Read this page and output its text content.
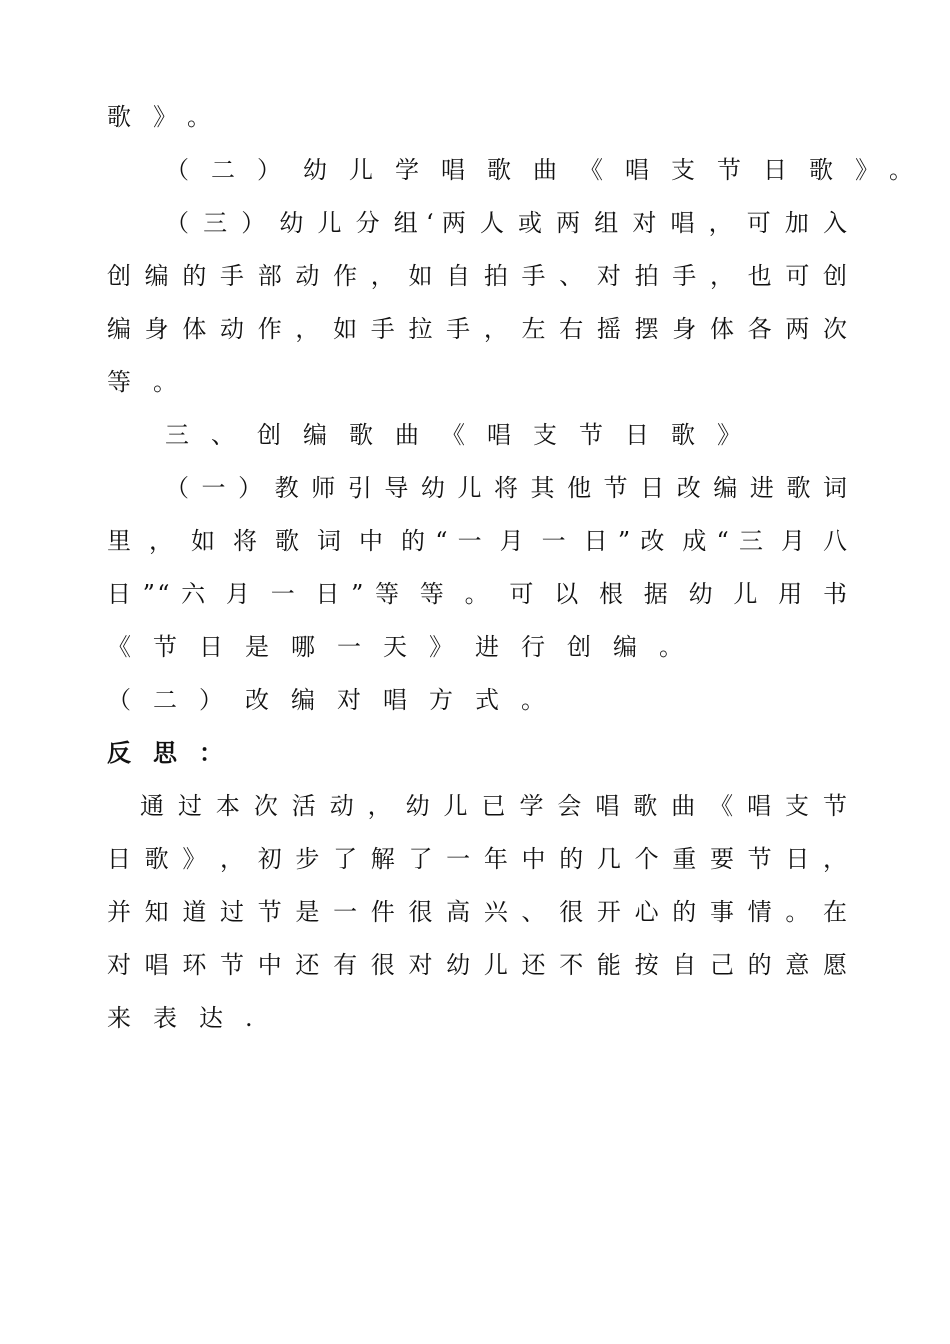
歌》。
（二）幼儿学唱歌曲《唱支节日歌》。
（ 三 ） 幼 儿 分 组 ‘ 两 人 或 两 组 对 唱 ， 可 加 入
创 编 的 手 部 动 作 ， 如 自 拍 手 、 对 拍 手 ， 也 可 创
编 身 体 动 作 ， 如 手 拉 手 ， 左 右 摇 摆 身 体 各 两 次
等。
三、创编歌曲《唱支节日歌》
（ 一 ） 教 师 引 导 幼 儿 将 其 他 节 日 改 编 进 歌 词
里 ， 如 将 歌 词 中 的 “ 一 月 一 日 ” 改 成 “ 三 月 八
日 ” “ 六 月 一 日 ” 等 等 。 可 以 根 据 幼 儿 用 书
《节日是哪一天》进行创编。
（二）改编对唱方式。
反思：
通 过 本 次 活 动 ， 幼 儿 已 学 会 唱 歌 曲 《 唱 支 节
日 歌 》 ， 初 步 了 解 了 一 年 中 的 几 个 重 要 节 日 ，
并 知 道 过 节 是 一 件 很 高 兴 、 很 开 心 的 事 情 。 在
对 唱 环 节 中 还 有 很 对 幼 儿 还 不 能 按 自 己 的 意 愿
来表达.
